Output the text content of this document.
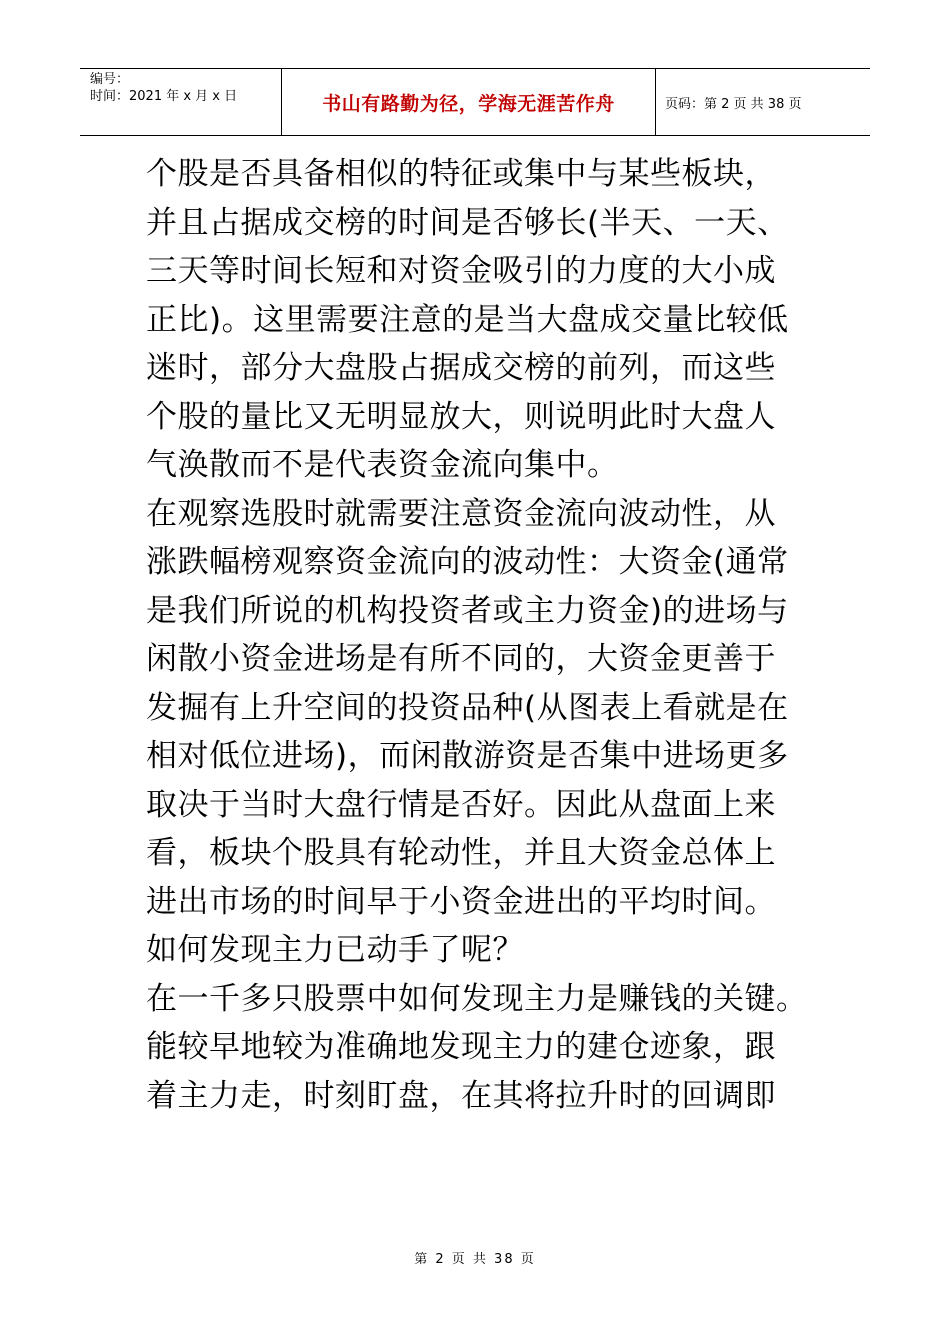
编号：
时间：2021 年 x 月 x 日	书山有路勤为径，学海无涯苦作舟	页码：第 2 页 共 38 页
个股是否具备相似的特征或集中与某些板块，
并且占据成交榜的时间是否够长(半天、一天、
三天等时间长短和对资金吸引的力度的大小成
正比)。这里需要注意的是当大盘成交量比较低
迷时，部分大盘股占据成交榜的前列，而这些
个股的量比又无明显放大，则说明此时大盘人
气涣散而不是代表资金流向集中。
在观察选股时就需要注意资金流向波动性，从
涨跌幅榜观察资金流向的波动性：大资金(通常
是我们所说的机构投资者或主力资金)的进场与
闲散小资金进场是有所不同的，大资金更善于
发掘有上升空间的投资品种(从图表上看就是在
相对低位进场)，而闲散游资是否集中进场更多
取决于当时大盘行情是否好。因此从盘面上来
看，板块个股具有轮动性，并且大资金总体上
进出市场的时间早于小资金进出的平均时间。
如何发现主力已动手了呢？
在一千多只股票中如何发现主力是赚钱的关键。
能较早地较为准确地发现主力的建仓迹象，跟
着主力走，时刻盯盘，在其将拉升时的回调即
第 2 页 共 38 页
